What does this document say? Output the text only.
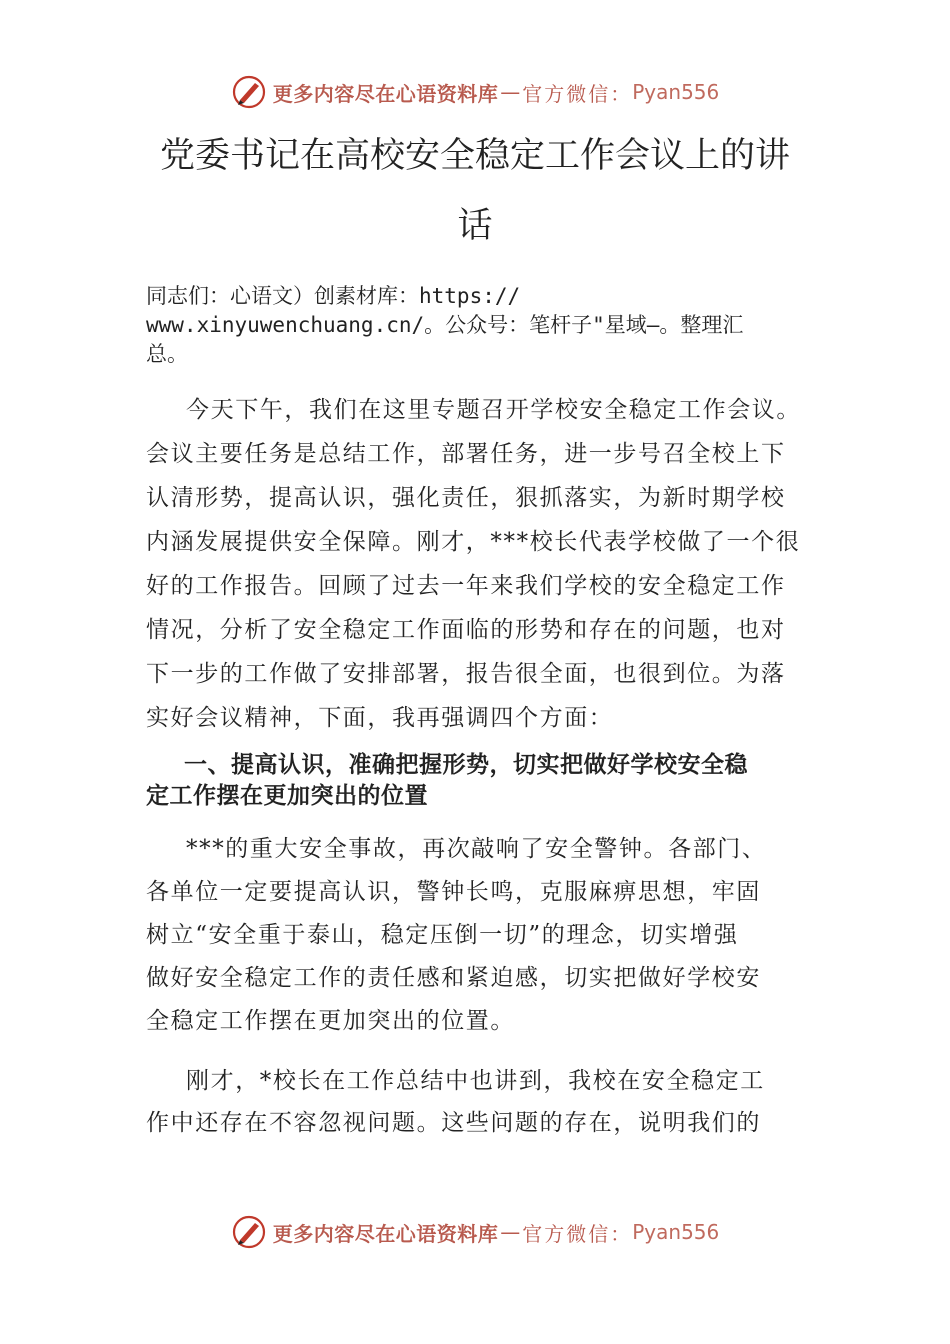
更多内容尽在心语资料库 — 官方微信： Pyan556
党委书记在高校安全稳定工作会议上的讲
话
同志们：心语文）创素材库：https://
www.xinyuwenchuang.cn/。公众号：笔杆子"星域—。整理汇
总。
今天下午，我们在这里专题召开学校安全稳定工作会议。
会议主要任务是总结工作，部署任务，进一步号召全校上下
认清形势，提高认识，强化责任，狠抓落实，为新时期学校
内涵发展提供安全保障。刚才，***校长代表学校做了一个很
好的工作报告。回顾了过去一年来我们学校的安全稳定工作
情况，分析了安全稳定工作面临的形势和存在的问题，也对
下一步的工作做了安排部署，报告很全面，也很到位。为落
实好会议精神，下面，我再强调四个方面：
一、提高认识，准确把握形势，切实把做好学校安全稳
定工作摆在更加突出的位置
***的重大安全事故，再次敲响了安全警钟。各部门、
各单位一定要提高认识，警钟长鸣，克服麻痹思想，牢固
树立“安全重于泰山，稳定压倒一切”的理念，切实增强
做好安全稳定工作的责任感和紧迫感，切实把做好学校安
全稳定工作摆在更加突出的位置。
刚才，*校长在工作总结中也讲到，我校在安全稳定工
作中还存在不容忽视问题。这些问题的存在，说明我们的
更多内容尽在心语资料库 — 官方微信： Pyan556
